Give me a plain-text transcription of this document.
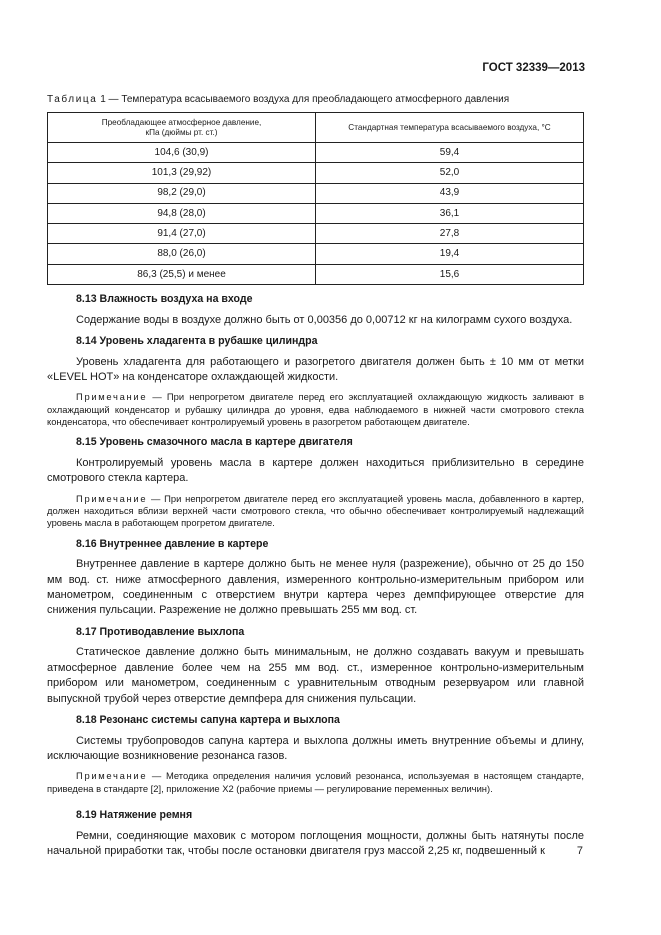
ГОСТ 32339—2013
Таблица 1 — Температура всасываемого воздуха для преобладающего атмосферного давления
Преобладающее атмосферное давление,
кПа (дюймы рт. ст.)	Стандартная температура всасываемого воздуха, °С
104,6 (30,9)	59,4
101,3 (29,92)	52,0
98,2 (29,0)	43,9
94,8 (28,0)	36,1
91,4 (27,0)	27,8
88,0 (26,0)	19,4
86,3 (25,5) и менее	15,6
8.13 Влажность воздуха на входе

Содержание воды в воздухе должно быть от 0,00356 до 0,00712 кг на килограмм сухого воздуха.

8.14 Уровень хладагента в рубашке цилиндра

Уровень хладагента для работающего и разогретого двигателя должен быть ± 10 мм от метки «LEVEL HOT» на конденсаторе охлаждающей жидкости.

Примечание — При непрогретом двигателе перед его эксплуатацией охлаждающую жидкость заливают в охлаждающий конденсатор и рубашку цилиндра до уровня, едва наблюдаемого в нижней части смотрового стекла конденсатора, что обеспечивает контролируемый уровень в разогретом работающем двигателе.

8.15 Уровень смазочного масла в картере двигателя

Контролируемый уровень масла в картере должен находиться приблизительно в середине смотрового стекла картера.

Примечание — При непрогретом двигателе перед его эксплуатацией уровень масла, добавленного в картер, должен находиться вблизи верхней части смотрового стекла, что обычно обеспечивает контролируемый надлежащий уровень масла в работающем прогретом двигателе.

8.16 Внутреннее давление в картере

Внутреннее давление в картере должно быть не менее нуля (разрежение), обычно от 25 до 150 мм вод. ст. ниже атмосферного давления, измеренного контрольно-измерительным прибором или манометром, соединенным с отверстием внутри картера через демпфирующее отверстие для снижения пульсации. Разрежение не должно превышать 255 мм вод. ст.

8.17 Противодавление выхлопа

Статическое давление должно быть минимальным, не должно создавать вакуум и превышать атмосферное давление более чем на 255 мм вод. ст., измеренное контрольно-измерительным прибором или манометром, соединенным с уравнительным отводным резервуаром или главной выпускной трубой через отверстие демпфера для снижения пульсации.

8.18 Резонанс системы сапуна картера и выхлопа

Системы трубопроводов сапуна картера и выхлопа должны иметь внутренние объемы и длину, исключающие возникновение резонанса газов.

Примечание — Методика определения наличия условий резонанса, используемая в настоящем стандарте, приведена в стандарте [2], приложение Х2 (рабочие приемы — регулирование переменных величин).

8.19 Натяжение ремня

Ремни, соединяющие маховик с мотором поглощения мощности, должны быть натянуты после начальной приработки так, чтобы после остановки двигателя груз массой 2,25 кг, подвешенный к	7
